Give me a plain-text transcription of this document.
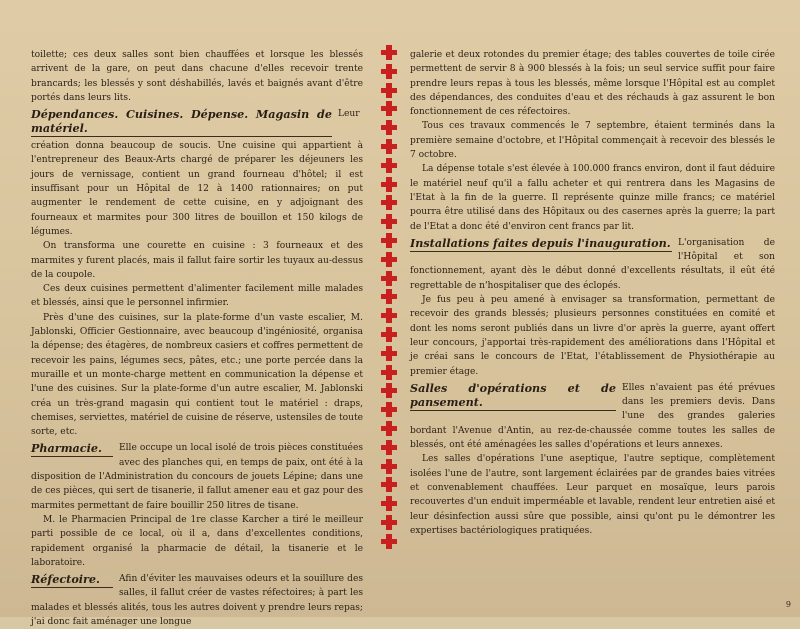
toilette; ces deux salles sont bien chauffées et lorsque les blessés arrivent de la gare, on peut dans chacune d'elles recevoir trente brancards; les blessés y sont déshabillés, lavés et baignés avant d'être portés dans leurs lits.

Dépendances. Cuisines. Dépense. Magasin de matériel.

Leur création donna beaucoup de soucis. Une cuisine qui appartient à l'entrepreneur des Beaux-Arts chargé de préparer les déjeuners les jours de vernissage, contient un grand fourneau d'hôtel; il est insuffisant pour un Hôpital de 12 à 1400 rationnaires; on put augmenter le rendement de cette cuisine, en y adjoignant des fourneaux et marmites pour 300 litres de bouillon et 150 kilogs de légumes.

On transforma une courette en cuisine : 3 fourneaux et des marmites y furent placés, mais il fallut faire sortir les tuyaux au-dessus de la coupole.

Ces deux cuisines permettent d'alimenter facilement mille malades et blessés, ainsi que le personnel infirmier.

Près d'une des cuisines, sur la plate-forme d'un vaste escalier, M. Jablonski, Officier Gestionnaire, avec beaucoup d'ingéniosité, organisa la dépense; des étagères, de nombreux casiers et coffres permettent de recevoir les pains, légumes secs, pâtes, etc.; une porte percée dans la muraille et un monte-charge mettent en communication la dépense et l'une des cuisines. Sur la plate-forme d'un autre escalier, M. Jablonski créa un très-grand magasin qui contient tout le matériel : draps, chemises, serviettes, matériel de cuisine de réserve, ustensiles de toute sorte, etc.

Pharmacie.	Elle occupe un local isolé de trois pièces constituées avec des planches qui, en temps de paix, ont été à la disposition de l'Administration du concours de jouets Lépine; dans une de ces pièces, qui sert de tisanerie, il fallut amener eau et gaz pour des marmites permettant de faire bouillir 250 litres de tisane.

M. le Pharmacien Principal de 1re classe Karcher a tiré le meilleur parti possible de ce local, où il a, dans d'excellentes conditions, rapidement organisé la pharmacie de détail, la tisanerie et le laboratoire.

Réfectoire.	Afin d'éviter les mauvaises odeurs et la souillure des salles, il fallut créer de vastes réfectoires; à part les malades et blessés alités, tous les autres doivent y prendre leurs repas; j'ai donc fait aménager une longue

galerie et deux rotondes du premier étage; des tables couvertes de toile cirée permettent de servir 8 à 900 blessés à la fois; un seul service suffit pour faire prendre leurs repas à tous les blessés, même lorsque l'Hôpital est au complet des dépendances, des conduites d'eau et des réchauds à gaz assurent le bon fonctionnement de ces réfectoires.

Tous ces travaux commencés le 7 septembre, étaient terminés dans la première semaine d'octobre, et l'Hôpital commençait à recevoir des blessés le 7 octobre.

La dépense totale s'est élevée à 100.000 francs environ, dont il faut déduire le matériel neuf qu'il a fallu acheter et qui rentrera dans les Magasins de l'Etat à la fin de la guerre. Il représente quinze mille francs; ce matériel pourra être utilisé dans des Hôpitaux ou des casernes après la guerre; la part de l'Etat a donc été d'environ cent francs par lit.

Installations faites depuis l'inauguration. L'organisation de l'Hôpital et son fonctionnement, ayant dès le début donné d'excellents résultats, il eût été regrettable de n'hospitaliser que des éclopés.

Je fus peu à peu amené à envisager sa transformation, permettant de recevoir des grands blessés; plusieurs personnes constituées en comité et dont les noms seront publiés dans un livre d'or après la guerre, ayant offert leur concours, j'apportai très-rapidement des améliorations dans l'Hôpital et je créai sans le concours de l'Etat, l'établissement de Physiothérapie au premier étage.

Salles d'opérations et de pansement.

Elles n'avaient pas été prévues dans les premiers devis. Dans l'une des grandes galeries bordant l'Avenue d'Antin, au rez-de-chaussée comme toutes les salles de blessés, ont été aménagées les salles d'opérations et leurs annexes.

Les salles d'opérations l'une aseptique, l'autre septique, complètement isolées l'une de l'autre, sont largement éclairées par de grandes baies vitrées et convenablement chauffées. Leur parquet en mosaïque, leurs parois recouvertes d'un enduit imperméable et lavable, rendent leur entretien aisé et leur désinfection aussi sûre que possible, ainsi qu'ont pu le démontrer les expertises bactériologiques pratiquées.

9
